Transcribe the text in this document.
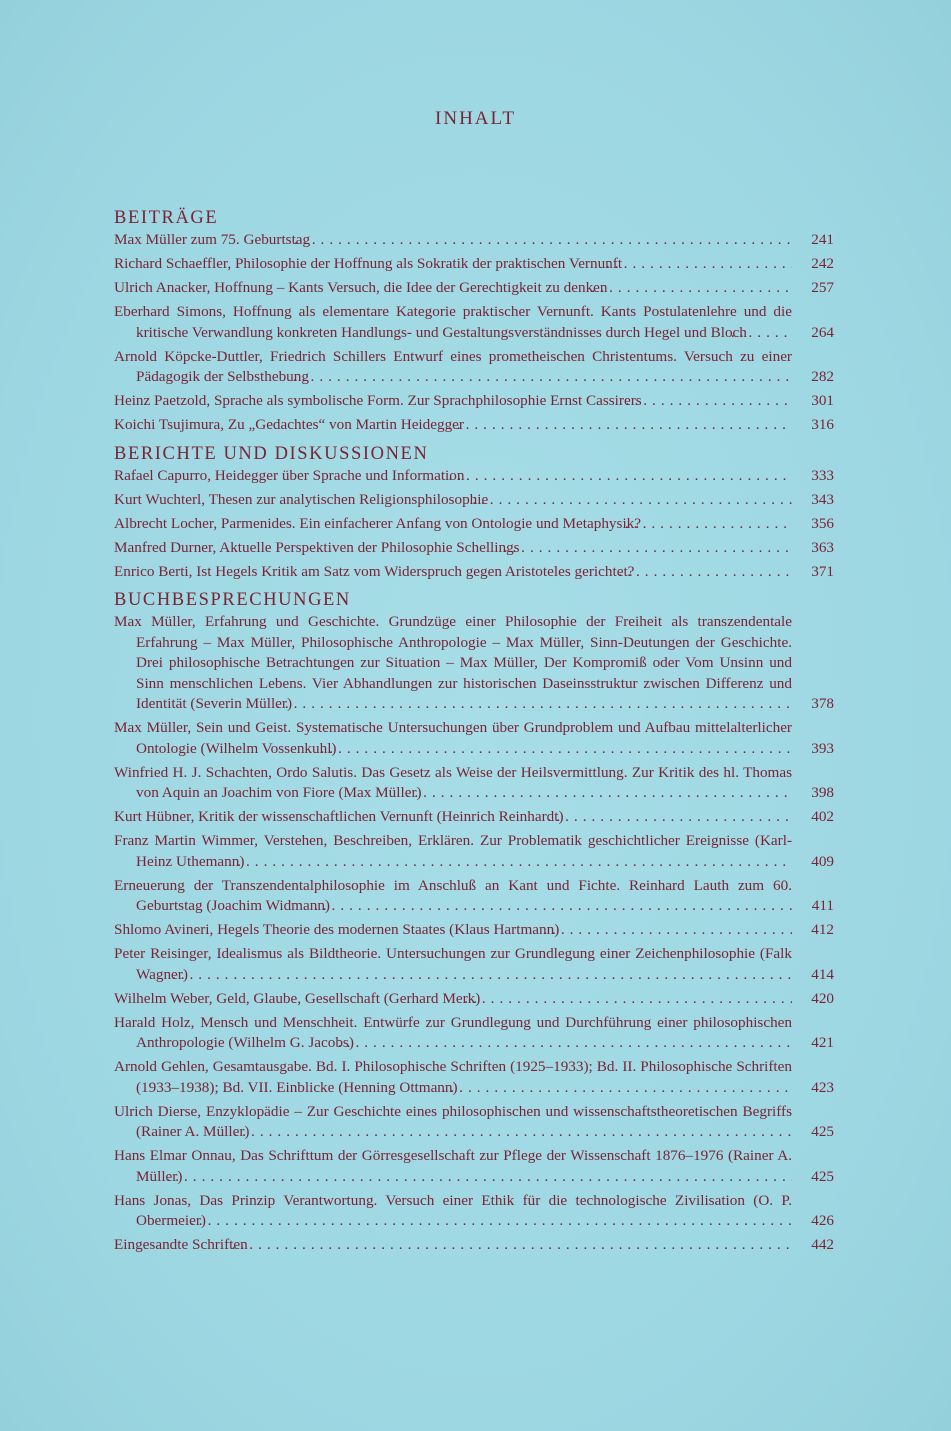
INHALT
BEITRÄGE
Max Müller zum 75. Geburtstag . . .	241
Richard Schaeffler, Philosophie der Hoffnung als Sokratik der praktischen Vernunft . . .	242
Ulrich Anacker, Hoffnung – Kants Versuch, die Idee der Gerechtigkeit zu denken . . .	257
Eberhard Simons, Hoffnung als elementare Kategorie praktischer Vernunft. Kants Postulatenlehre und die kritische Verwandlung konkreten Handlungs- und Gestaltungsverständnisses durch Hegel und Bloch . . .	264
Arnold Köpcke-Duttler, Friedrich Schillers Entwurf eines prometheischen Christentums. Versuch zu einer Pädagogik der Selbsthebung . . .	282
Heinz Paetzold, Sprache als symbolische Form. Zur Sprachphilosophie Ernst Cassirers . . .	301
Koichi Tsujimura, Zu „Gedachtes“ von Martin Heidegger . . .	316
BERICHTE UND DISKUSSIONEN
Rafael Capurro, Heidegger über Sprache und Information . . .	333
Kurt Wuchterl, Thesen zur analytischen Religionsphilosophie . . .	343
Albrecht Locher, Parmenides. Ein einfacherer Anfang von Ontologie und Metaphysik? . . .	356
Manfred Durner, Aktuelle Perspektiven der Philosophie Schellings . . .	363
Enrico Berti, Ist Hegels Kritik am Satz vom Widerspruch gegen Aristoteles gerichtet? . . .	371
BUCHBESPRECHUNGEN
Max Müller, Erfahrung und Geschichte. Grundzüge einer Philosophie der Freiheit als transzendentale Erfahrung – Max Müller, Philosophische Anthropologie – Max Müller, Sinn-Deutungen der Geschichte. Drei philosophische Betrachtungen zur Situation – Max Müller, Der Kompromiß oder Vom Unsinn und Sinn menschlichen Lebens. Vier Abhandlungen zur historischen Daseinsstruktur zwischen Differenz und Identität (Severin Müller) . . .	378
Max Müller, Sein und Geist. Systematische Untersuchungen über Grundproblem und Aufbau mittelalterlicher Ontologie (Wilhelm Vossenkuhl) . . .	393
Winfried H. J. Schachten, Ordo Salutis. Das Gesetz als Weise der Heilsvermittlung. Zur Kritik des hl. Thomas von Aquin an Joachim von Fiore (Max Müller) . . .	398
Kurt Hübner, Kritik der wissenschaftlichen Vernunft (Heinrich Reinhardt) . . .	402
Franz Martin Wimmer, Verstehen, Beschreiben, Erklären. Zur Problematik geschichtlicher Ereignisse (Karl-Heinz Uthemann) . . .	409
Erneuerung der Transzendentalphilosophie im Anschluß an Kant und Fichte. Reinhard Lauth zum 60. Geburtstag (Joachim Widmann) . . .	411
Shlomo Avineri, Hegels Theorie des modernen Staates (Klaus Hartmann) . . .	412
Peter Reisinger, Idealismus als Bildtheorie. Untersuchungen zur Grundlegung einer Zeichenphilosophie (Falk Wagner) . . .	414
Wilhelm Weber, Geld, Glaube, Gesellschaft (Gerhard Merk) . . .	420
Harald Holz, Mensch und Menschheit. Entwürfe zur Grundlegung und Durchführung einer philosophischen Anthropologie (Wilhelm G. Jacobs) . . .	421
Arnold Gehlen, Gesamtausgabe. Bd. I. Philosophische Schriften (1925–1933); Bd. II. Philosophische Schriften (1933–1938); Bd. VII. Einblicke (Henning Ottmann) . . .	423
Ulrich Dierse, Enzyklopädie – Zur Geschichte eines philosophischen und wissenschaftstheoretischen Begriffs (Rainer A. Müller) . . .	425
Hans Elmar Onnau, Das Schrifttum der Görresgesellschaft zur Pflege der Wissenschaft 1876–1976 (Rainer A. Müller) . . .	425
Hans Jonas, Das Prinzip Verantwortung. Versuch einer Ethik für die technologische Zivilisation (O. P. Obermeier) . . .	426
Eingesandte Schriften . . .	442
